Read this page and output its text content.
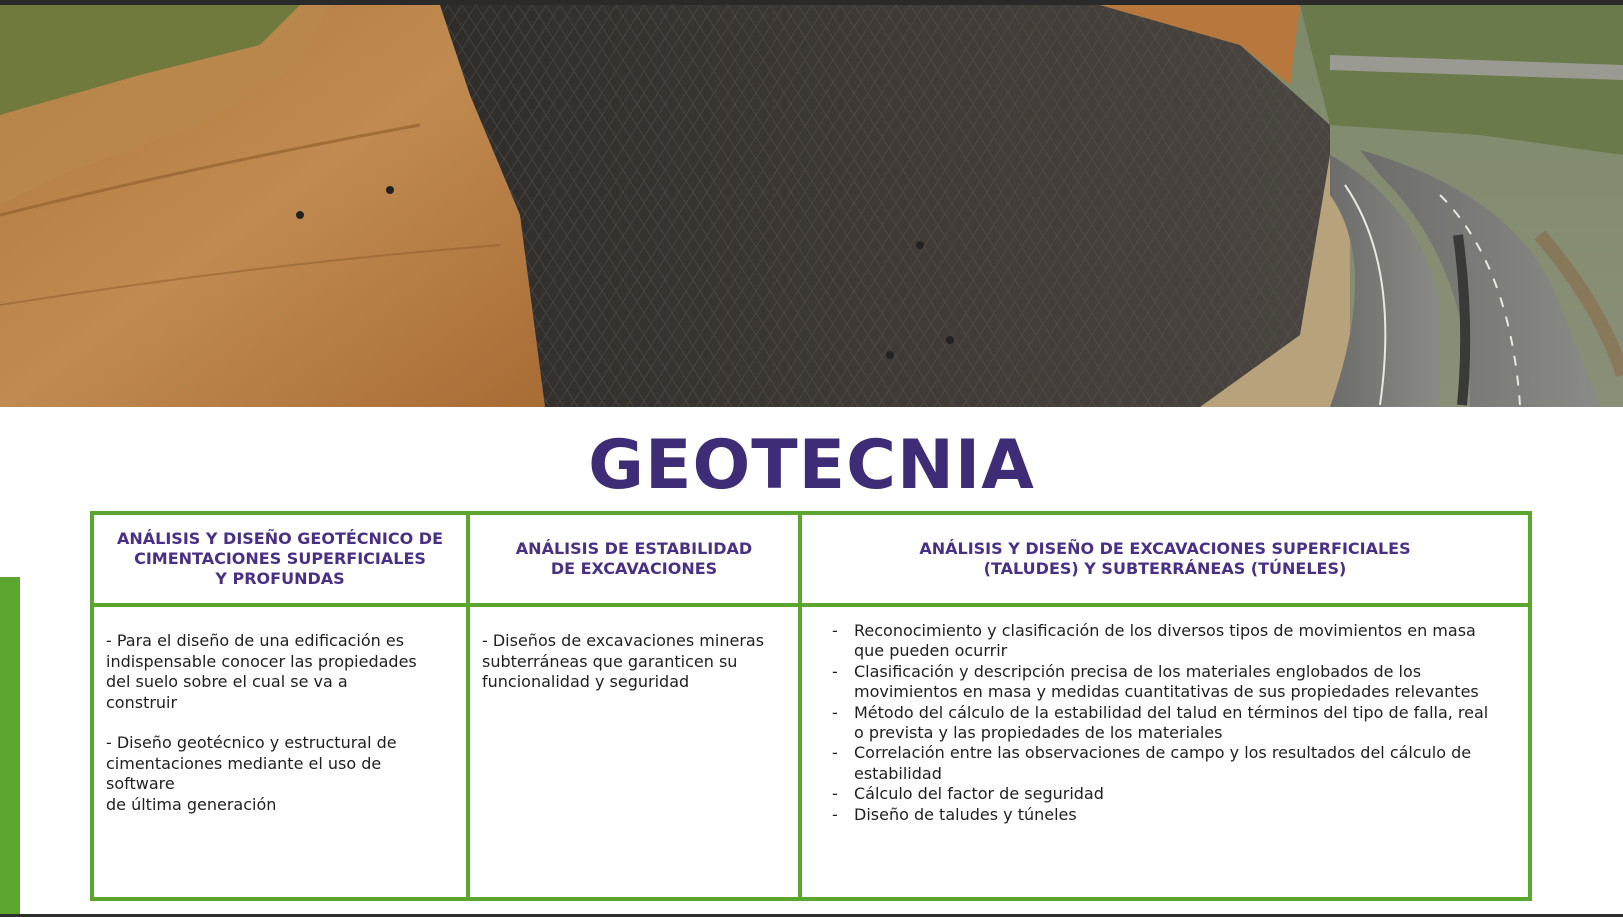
GEOTECNIA
ANÁLISIS Y DISEÑO GEOTÉCNICO DE
CIMENTACIONES SUPERFICIALES
Y PROFUNDAS
ANÁLISIS DE ESTABILIDAD
DE EXCAVACIONES
ANÁLISIS Y DISEÑO DE EXCAVACIONES SUPERFICIALES
(TALUDES) Y SUBTERRÁNEAS (TÚNELES)
- Para el diseño de una edificación es
indispensable conocer las propiedades
del suelo sobre el cual se va a
construir
- Diseño geotécnico y estructural de
cimentaciones mediante el uso de software
de última generación
- Diseños de excavaciones mineras
subterráneas que garanticen su
funcionalidad y seguridad
- Reconocimiento y clasificación de los diversos tipos de movimientos en masa
que pueden ocurrir
- Clasificación y descripción precisa de los materiales englobados de los
movimientos en masa y medidas cuantitativas de sus propiedades relevantes
- Método del cálculo de la estabilidad del talud en términos del tipo de falla, real
o prevista y las propiedades de los materiales
- Correlación entre las observaciones de campo y los resultados del cálculo de
estabilidad
- Cálculo del factor de seguridad
- Diseño de taludes y túneles
